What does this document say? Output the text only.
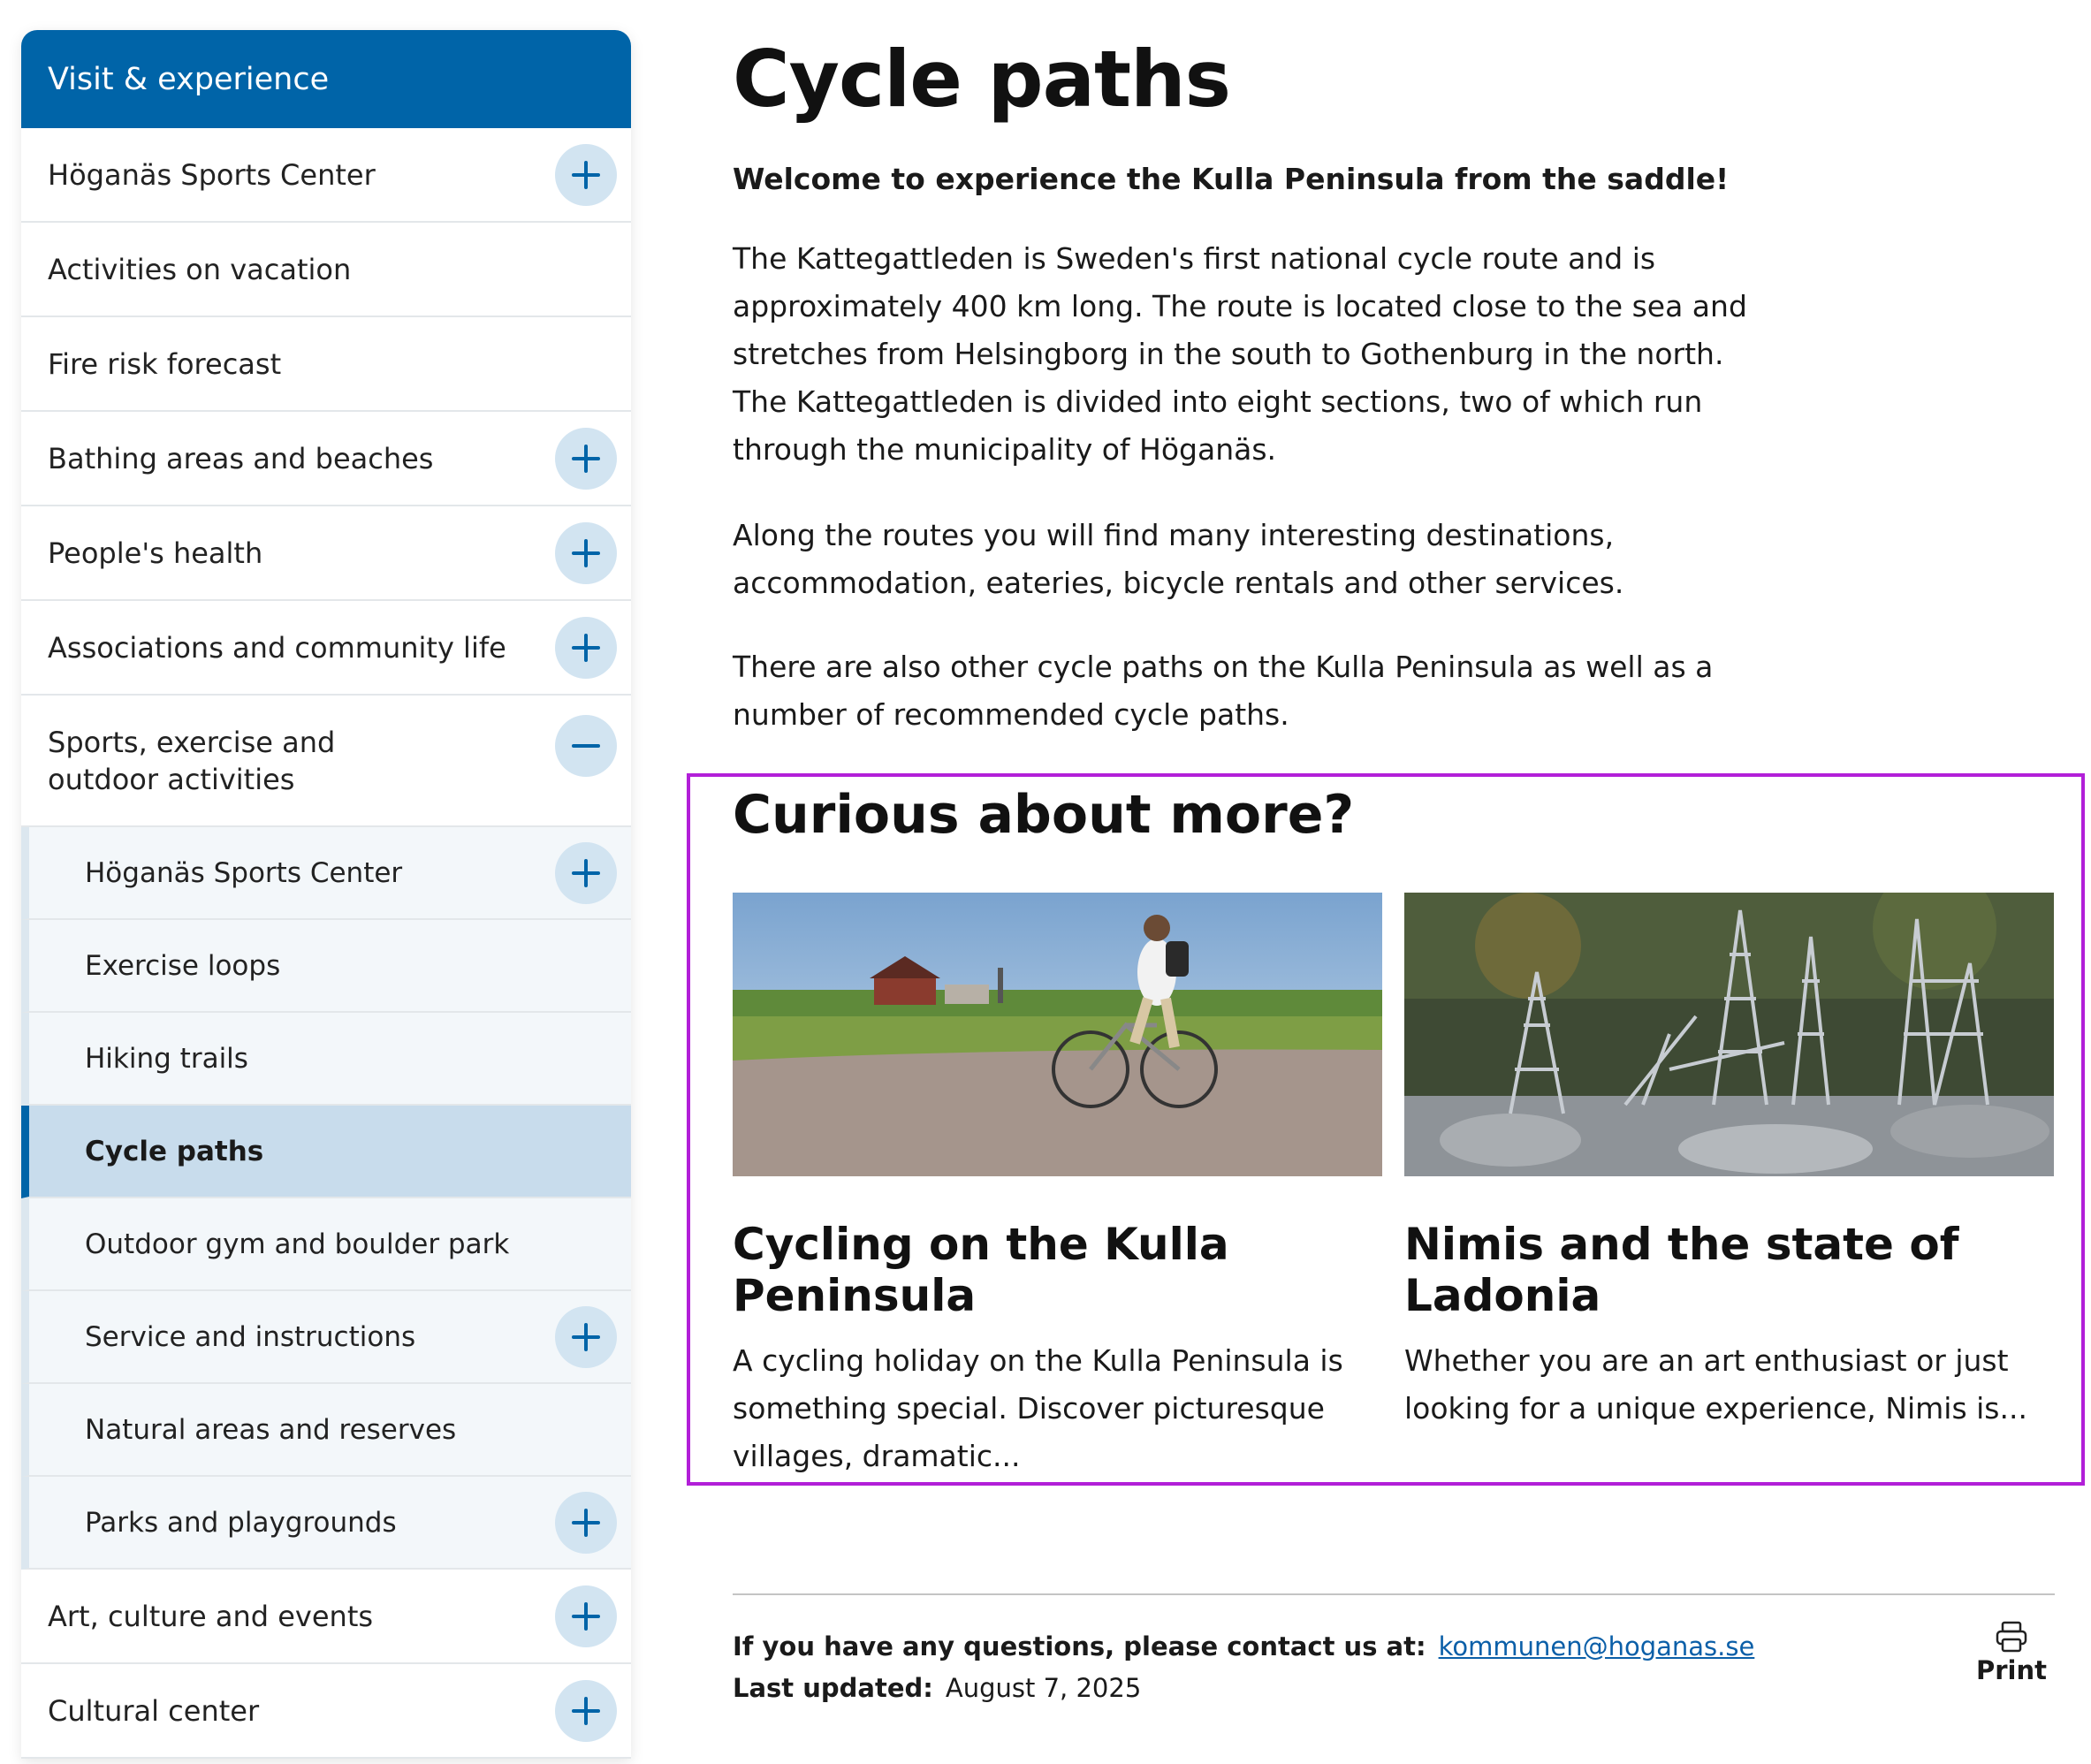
Visit & experience
Höganäs Sports Center
Activities on vacation
Fire risk forecast
Bathing areas and beaches
People's health
Associations and community life
Sports, exercise and outdoor activities
Höganäs Sports Center
Exercise loops
Hiking trails
Cycle paths
Outdoor gym and boulder park
Service and instructions
Natural areas and reserves
Parks and playgrounds
Art, culture and events
Cultural center
Cycle paths

Welcome to experience the Kulla Peninsula from the saddle!

The Kattegattleden is Sweden's first national cycle route and is approximately 400 km long. The route is located close to the sea and stretches from Helsingborg in the south to Gothenburg in the north. The Kattegattleden is divided into eight sections, two of which run through the municipality of Höganäs.

Along the routes you will find many interesting destinations, accommodation, eateries, bicycle rentals and other services.

There are also other cycle paths on the Kulla Peninsula as well as a number of recommended cycle paths.

Curious about more?
Cycling on the Kulla Peninsula

A cycling holiday on the Kulla Peninsula is something special. Discover picturesque villages, dramatic...

Nimis and the state of Ladonia

Whether you are an art enthusiast or just looking for a unique experience, Nimis is...

If you have any questions, please contact us at: kommunen@hoganas.se
Last updated: August 7, 2025
Print
